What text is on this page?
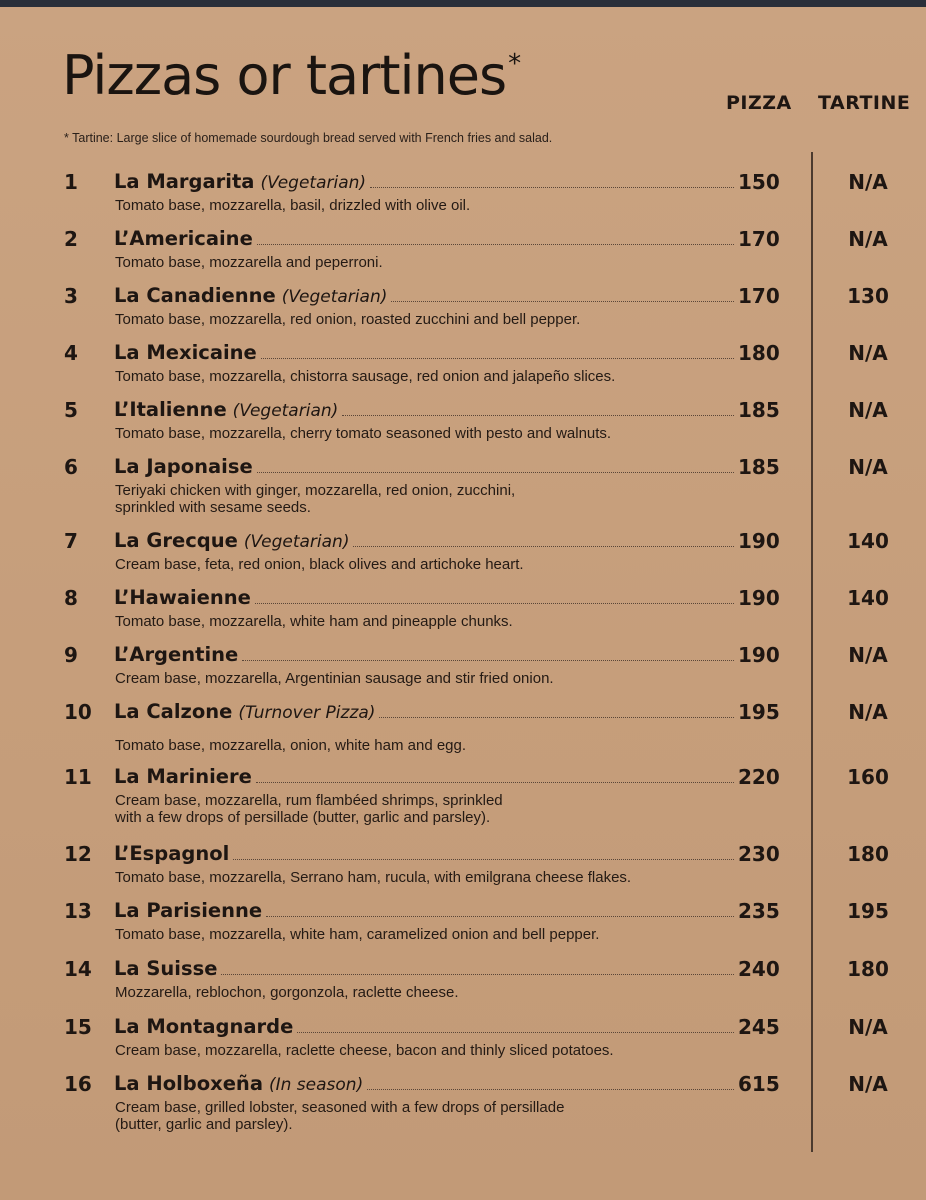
Pizzas or tartines*
PIZZA TARTINE
* Tartine: Large slice of homemade sourdough bread served with French fries and salad.
1	La Margarita (Vegetarian)	150	N/A
Tomato base, mozzarella, basil, drizzled with olive oil.
2	L’Americaine	170	N/A
Tomato base, mozzarella and peperroni.
3	La Canadienne (Vegetarian)	170	130
Tomato base, mozzarella, red onion, roasted zucchini and bell pepper.
4	La Mexicaine	180	N/A
Tomato base, mozzarella, chistorra sausage, red onion and jalapeño slices.
5	L’Italienne (Vegetarian)	185	N/A
Tomato base, mozzarella, cherry tomato seasoned with pesto and walnuts.
6	La Japonaise	185	N/A
Teriyaki chicken with ginger, mozzarella, red onion, zucchini,
sprinkled with sesame seeds.
7	La Grecque (Vegetarian)	190	140
Cream base, feta, red onion, black olives and artichoke heart.
8	L’Hawaienne	190	140
Tomato base, mozzarella, white ham and pineapple chunks.
9	L’Argentine	190	N/A
Cream base, mozzarella, Argentinian sausage and stir fried onion.
10 La Calzone (Turnover Pizza)	195	N/A
Tomato base, mozzarella, onion, white ham and egg.
11 La Mariniere	220	160
Cream base, mozzarella, rum flambéed shrimps, sprinkled
with a few drops of persillade (butter, garlic and parsley).
12 L’Espagnol	230	180
Tomato base, mozzarella, Serrano ham, rucula, with emilgrana cheese flakes.
13 La Parisienne	235	195
Tomato base, mozzarella, white ham, caramelized onion and bell pepper.
14 La Suisse	240	180
Mozzarella, reblochon, gorgonzola, raclette cheese.
15 La Montagnarde	245	N/A
Cream base, mozzarella, raclette cheese, bacon and thinly sliced potatoes.
16 La Holboxeña (In season)	615	N/A
Cream base, grilled lobster, seasoned with a few drops of persillade
(butter, garlic and parsley).
